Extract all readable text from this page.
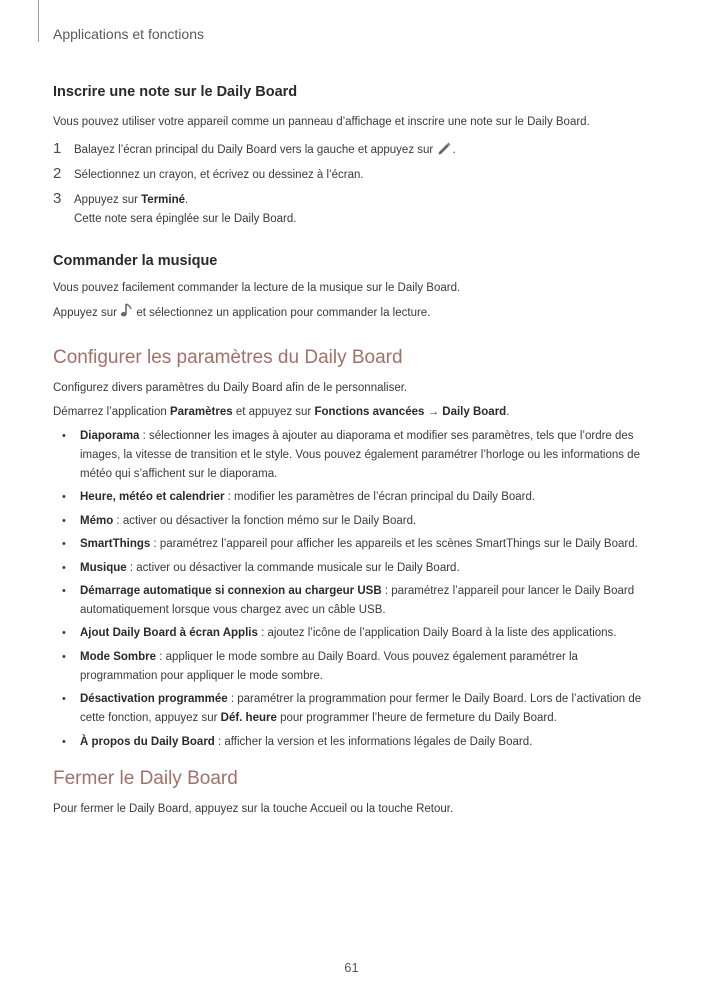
Applications et fonctions
Inscrire une note sur le Daily Board

Vous pouvez utiliser votre appareil comme un panneau d’affichage et inscrire une note sur le Daily Board.

1 Balayez l’écran principal du Daily Board vers la gauche et appuyez sur .
2 Sélectionnez un crayon, et écrivez ou dessinez à l’écran.
3 Appuyez sur Terminé.
Cette note sera épinglée sur le Daily Board.
Commander la musique

Vous pouvez facilement commander la lecture de la musique sur le Daily Board.

Appuyez sur  et sélectionnez un application pour commander la lecture.

Configurer les paramètres du Daily Board

Configurez divers paramètres du Daily Board afin de le personnaliser.

Démarrez l’application Paramètres et appuyez sur Fonctions avancées → Daily Board.

• Diaporama : sélectionner les images à ajouter au diaporama et modifier ses paramètres, tels que l’ordre des images, la vitesse de transition et le style. Vous pouvez également paramétrer l’horloge ou les informations de météo qui s’affichent sur le diaporama.
• Heure, météo et calendrier : modifier les paramètres de l’écran principal du Daily Board.
• Mémo : activer ou désactiver la fonction mémo sur le Daily Board.
• SmartThings : paramétrez l’appareil pour afficher les appareils et les scènes SmartThings sur le Daily Board.
• Musique : activer ou désactiver la commande musicale sur le Daily Board.
• Démarrage automatique si connexion au chargeur USB : paramétrez l’appareil pour lancer le Daily Board automatiquement lorsque vous chargez avec un câble USB.
• Ajout Daily Board à écran Applis : ajoutez l’icône de l’application Daily Board à la liste des applications.
• Mode Sombre : appliquer le mode sombre au Daily Board. Vous pouvez également paramétrer la programmation pour appliquer le mode sombre.
• Désactivation programmée : paramétrer la programmation pour fermer le Daily Board. Lors de l’activation de cette fonction, appuyez sur Déf. heure pour programmer l’heure de fermeture du Daily Board.
• À propos du Daily Board : afficher la version et les informations légales de Daily Board.
Fermer le Daily Board

Pour fermer le Daily Board, appuyez sur la touche Accueil ou la touche Retour.

61
